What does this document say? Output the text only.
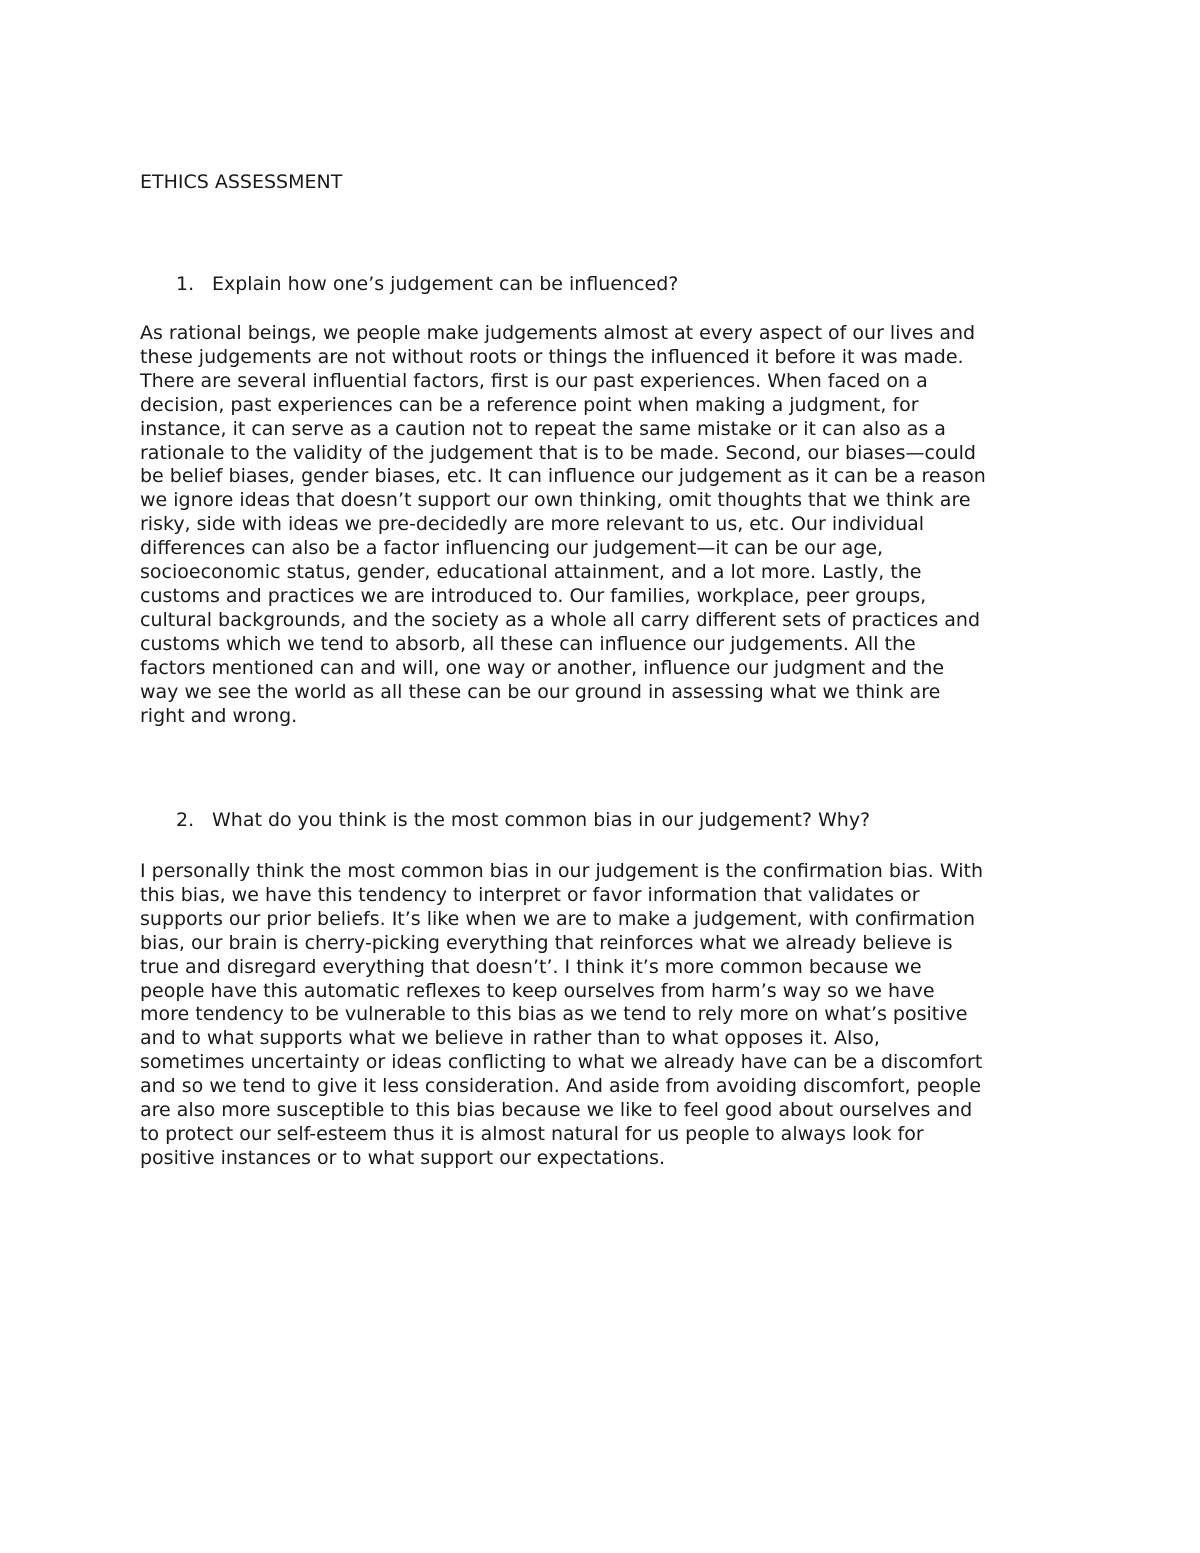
ETHICS ASSESSMENT
1. Explain how one’s judgement can be influenced?
As rational beings, we people make judgements almost at every aspect of our lives and
these judgements are not without roots or things the influenced it before it was made.
There are several influential factors, first is our past experiences. When faced on a
decision, past experiences can be a reference point when making a judgment, for
instance, it can serve as a caution not to repeat the same mistake or it can also as a
rationale to the validity of the judgement that is to be made. Second, our biases—could
be belief biases, gender biases, etc. It can influence our judgement as it can be a reason
we ignore ideas that doesn’t support our own thinking, omit thoughts that we think are
risky, side with ideas we pre-decidedly are more relevant to us, etc. Our individual
differences can also be a factor influencing our judgement—it can be our age,
socioeconomic status, gender, educational attainment, and a lot more. Lastly, the
customs and practices we are introduced to. Our families, workplace, peer groups,
cultural backgrounds, and the society as a whole all carry different sets of practices and
customs which we tend to absorb, all these can influence our judgements. All the
factors mentioned can and will, one way or another, influence our judgment and the
way we see the world as all these can be our ground in assessing what we think are
right and wrong.
2. What do you think is the most common bias in our judgement? Why?
I personally think the most common bias in our judgement is the confirmation bias. With
this bias, we have this tendency to interpret or favor information that validates or
supports our prior beliefs. It’s like when we are to make a judgement, with confirmation
bias, our brain is cherry-picking everything that reinforces what we already believe is
true and disregard everything that doesn’t’. I think it’s more common because we
people have this automatic reflexes to keep ourselves from harm’s way so we have
more tendency to be vulnerable to this bias as we tend to rely more on what’s positive
and to what supports what we believe in rather than to what opposes it. Also,
sometimes uncertainty or ideas conflicting to what we already have can be a discomfort
and so we tend to give it less consideration. And aside from avoiding discomfort, people
are also more susceptible to this bias because we like to feel good about ourselves and
to protect our self-esteem thus it is almost natural for us people to always look for
positive instances or to what support our expectations.
